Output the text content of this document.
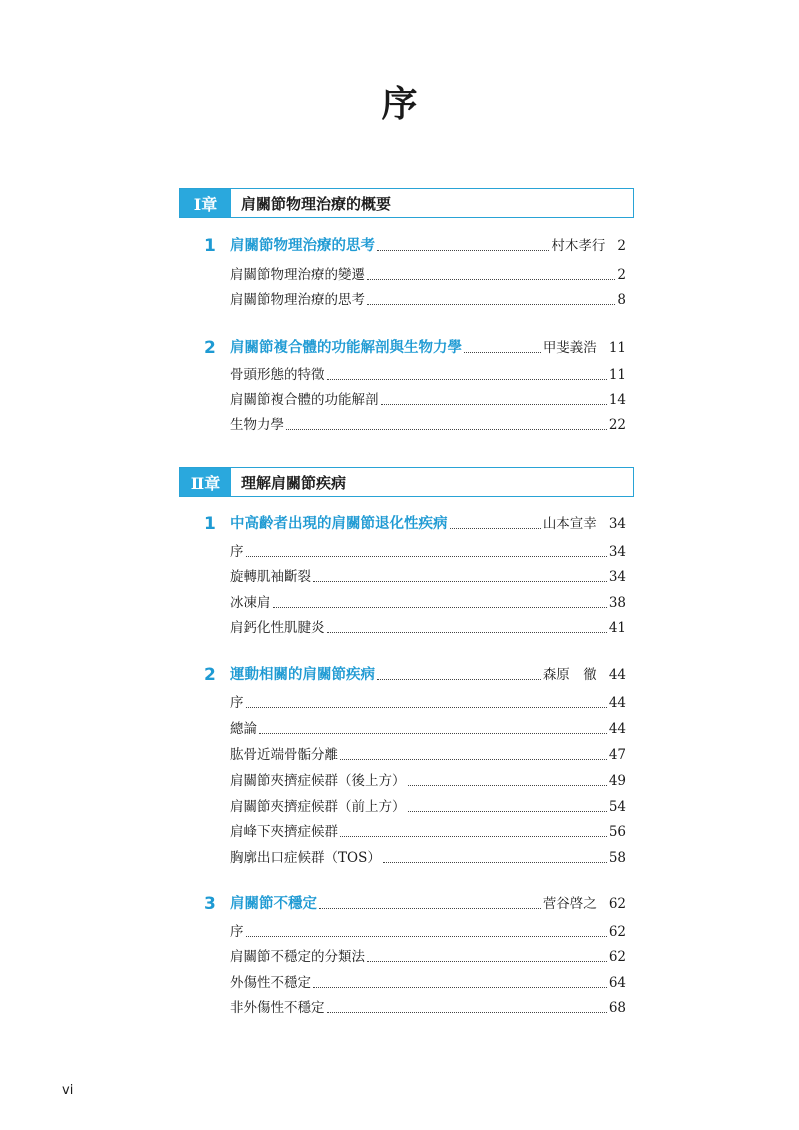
序
Ⅰ章	肩關節物理治療的概要
1 肩關節物理治療的思考	村木孝行 2
肩關節物理治療的變遷	2
肩關節物理治療的思考	8
2 肩關節複合體的功能解剖與生物力學	甲斐義浩 11
骨頭形態的特徵	11
肩關節複合體的功能解剖	14
生物力學	22
Ⅱ章	理解肩關節疾病
1 中高齡者出現的肩關節退化性疾病	山本宣幸 34
序	34
旋轉肌袖斷裂	34
冰凍肩	38
肩鈣化性肌腱炎	41
2 運動相關的肩關節疾病	森原　徹 44
序	44
總論	44
肱骨近端骨骺分離	47
肩關節夾擠症候群（後上方）	49
肩關節夾擠症候群（前上方）	54
肩峰下夾擠症候群	56
胸廓出口症候群（TOS）	58
3 肩關節不穩定	菅谷啓之 62
序	62
肩關節不穩定的分類法	62
外傷性不穩定	64
非外傷性不穩定	68
vi
